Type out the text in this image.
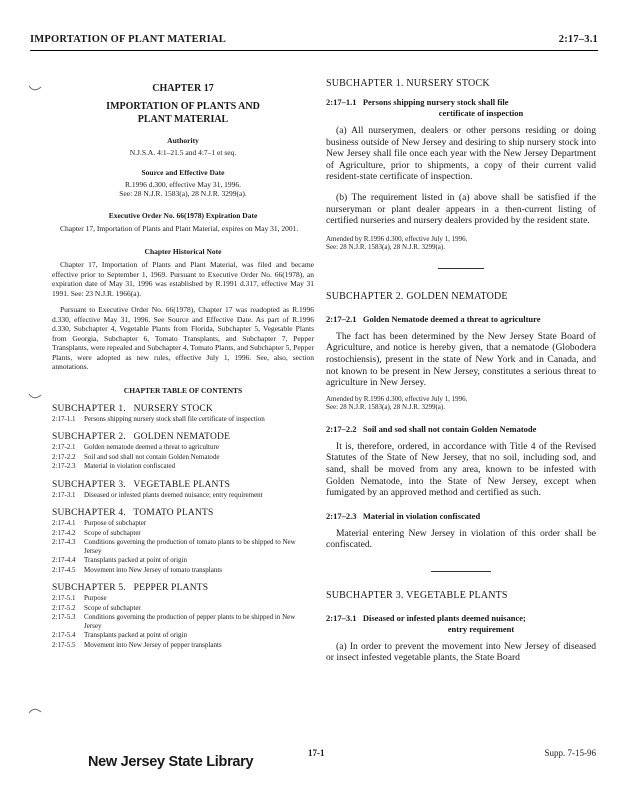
IMPORTATION OF PLANT MATERIAL	2:17–3.1
CHAPTER 17
IMPORTATION OF PLANTS AND PLANT MATERIAL
Authority
N.J.S.A. 4:1–21.5 and 4:7–1 et seq.
Source and Effective Date
R.1996 d.300, effective May 31, 1996.
See: 28 N.J.R. 1583(a), 28 N.J.R. 3299(a).
Executive Order No. 66(1978) Expiration Date
Chapter 17, Importation of Plants and Plant Material, expires on May 31, 2001.
Chapter Historical Note
Chapter 17, Importation of Plants and Plant Material, was filed and became effective prior to September 1, 1969. Pursuant to Executive Order No. 66(1978), an expiration date of May 31, 1996 was established by R.1991 d.317, effective May 31 1991. See: 23 N.J.R. 1966(a).
Pursuant to Executive Order No. 66(1978), Chapter 17 was readopted as R.1996 d.330, effective May 31, 1996. See Source and Effective Date. As part of R.1996 d.330, Subchapter 4, Vegetable Plants from Florida, Subchapter 5, Vegetable Plants from Georgia, Subchapter 6, Tomato Transplants, and Subchapter 7, Pepper Transplants, were repealed and Subchapter 4, Tomato Plants, and Subchapter 5, Pepper Plants, were adopted as new rules, effective July 1, 1996. See, also, section annotations.
CHAPTER TABLE OF CONTENTS
SUBCHAPTER 1.   NURSERY STOCK
2:17-1.1	Persons shipping nursery stock shall file certificate of inspection
SUBCHAPTER 2.   GOLDEN NEMATODE
2:17-2.1	Golden nematode deemed a threat to agriculture
2:17-2.2	Soil and sod shall not contain Golden Nematode
2:17-2.3	Material in violation confiscated
SUBCHAPTER 3.   VEGETABLE PLANTS
2:17-3.1	Diseased or infested plants deemed nuisance; entry requirement
SUBCHAPTER 4.   TOMATO PLANTS
2:17-4.1	Purpose of subchapter
2:17-4.2	Scope of subchapter
2:17-4.3	Conditions governing the production of tomato plants to be shipped to New Jersey
2:17-4.4	Transplants packed at point of origin
2:17-4.5	Movement into New Jersey of tomato transplants
SUBCHAPTER 5.   PEPPER PLANTS
2:17-5.1	Purpose
2:17-5.2	Scope of subchapter
2:17-5.3	Conditions governing the production of pepper plants to be shipped in New Jersey
2:17-5.4	Transplants packed at point of origin
2:17-5.5	Movement into New Jersey of pepper transplants
SUBCHAPTER 1. NURSERY STOCK
2:17–1.1 Persons shipping nursery stock shall file
certificate of inspection
(a) All nurserymen, dealers or other persons residing or doing business outside of New Jersey and desiring to ship nursery stock into New Jersey shall file once each year with the New Jersey Department of Agriculture, prior to shipments, a copy of their current valid resident-state certificate of inspection.
(b) The requirement listed in (a) above shall be satisfied if the nurseryman or plant dealer appears in a then-current listing of certified nurseries and nursery dealers provided by the resident state.
Amended by R.1996 d.300, effective July 1, 1996.
See: 28 N.J.R. 1583(a), 28 N.J.R. 3299(a).
SUBCHAPTER 2. GOLDEN NEMATODE
2:17–2.1 Golden Nematode deemed a threat to agriculture
The fact has been determined by the New Jersey State Board of Agriculture, and notice is hereby given, that a nematode (Globodera rostochiensis), present in the state of New York and in Canada, and not known to be present in New Jersey, constitutes a serious threat to agriculture in New Jersey.
Amended by R.1996 d.300, effective July 1, 1996.
See: 28 N.J.R. 1583(a), 28 N.J.R. 3299(a).
2:17–2.2 Soil and sod shall not contain Golden Nematode
It is, therefore, ordered, in accordance with Title 4 of the Revised Statutes of the State of New Jersey, that no soil, including sod, and sand, shall be moved from any area, known to be infested with Golden Nematode, into the State of New Jersey, except when fumigated by an approved method and certified as such.
2:17–2.3 Material in violation confiscated
Material entering New Jersey in violation of this order shall be confiscated.
SUBCHAPTER 3. VEGETABLE PLANTS
2:17–3.1 Diseased or infested plants deemed nuisance;
entry requirement
(a) In order to prevent the movement into New Jersey of diseased or insect infested vegetable plants, the State Board
New Jersey State Library
17-1	Supp. 7-15-96
